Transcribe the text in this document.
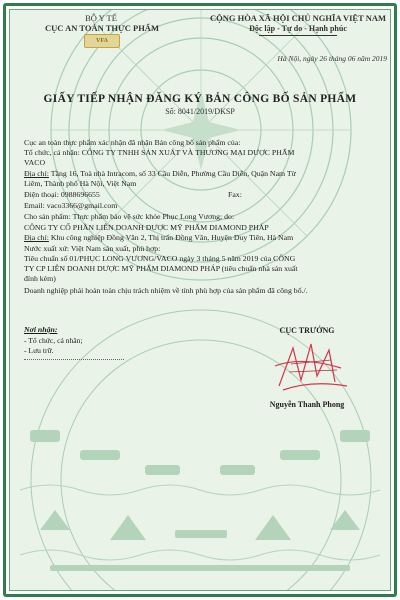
BỘ Y TẾ
CỤC AN TOÀN THỰC PHẨM
VFA
CỘNG HÒA XÃ HỘI CHỦ NGHĨA VIỆT NAM
Độc lập - Tự do - Hạnh phúc
Hà Nội, ngày 26 tháng 06 năm 2019
GIẤY TIẾP NHẬN ĐĂNG KÝ BẢN CÔNG BỐ SẢN PHẨM
Số: 8041/2019/DKSP
Cục an toàn thực phẩm xác nhận đã nhận Bản công bố sản phẩm của:
Tổ chức, cá nhân: CÔNG TY TNHH SẢN XUẤT VÀ THƯƠNG MẠI DƯỢC PHẨM
VACO
Địa chỉ: Tầng 16, Toà nhà Intracom, số 33 Cầu Diễn, Phường Cầu Diễn, Quận Nam Từ
Liêm, Thành phố Hà Nội, Việt Nam
Điện thoại: 0988696655	Fax:
Email: vaco3366@gmail.com
Cho sản phẩm: Thực phẩm bảo vệ sức khỏe Phục Long Vương; do:
CÔNG TY CỔ PHẦN LIÊN DOANH DƯỢC MỸ PHẨM DIAMOND PHÁP
Địa chỉ: Khu công nghiệp Đồng Văn 2, Thị trấn Đồng Văn, Huyện Duy Tiên, Hà Nam
Nước xuất xứ: Việt Nam sản xuất, phù hợp:
Tiêu chuẩn số 01/PHỤC LONG VƯƠNG/VACO ngày 3 tháng 5 năm 2019 của CÔNG
TY CP LIÊN DOANH DƯỢC MỸ PHẨM DIAMOND PHÁP (tiêu chuẩn nhà sản xuất
đính kèm)
Doanh nghiệp phải hoàn toàn chịu trách nhiệm về tính phù hợp của sản phẩm đã công bố./.
Nơi nhận:
- Tổ chức, cá nhân;
- Lưu trữ.
CỤC TRƯỞNG
Nguyễn Thanh Phong
